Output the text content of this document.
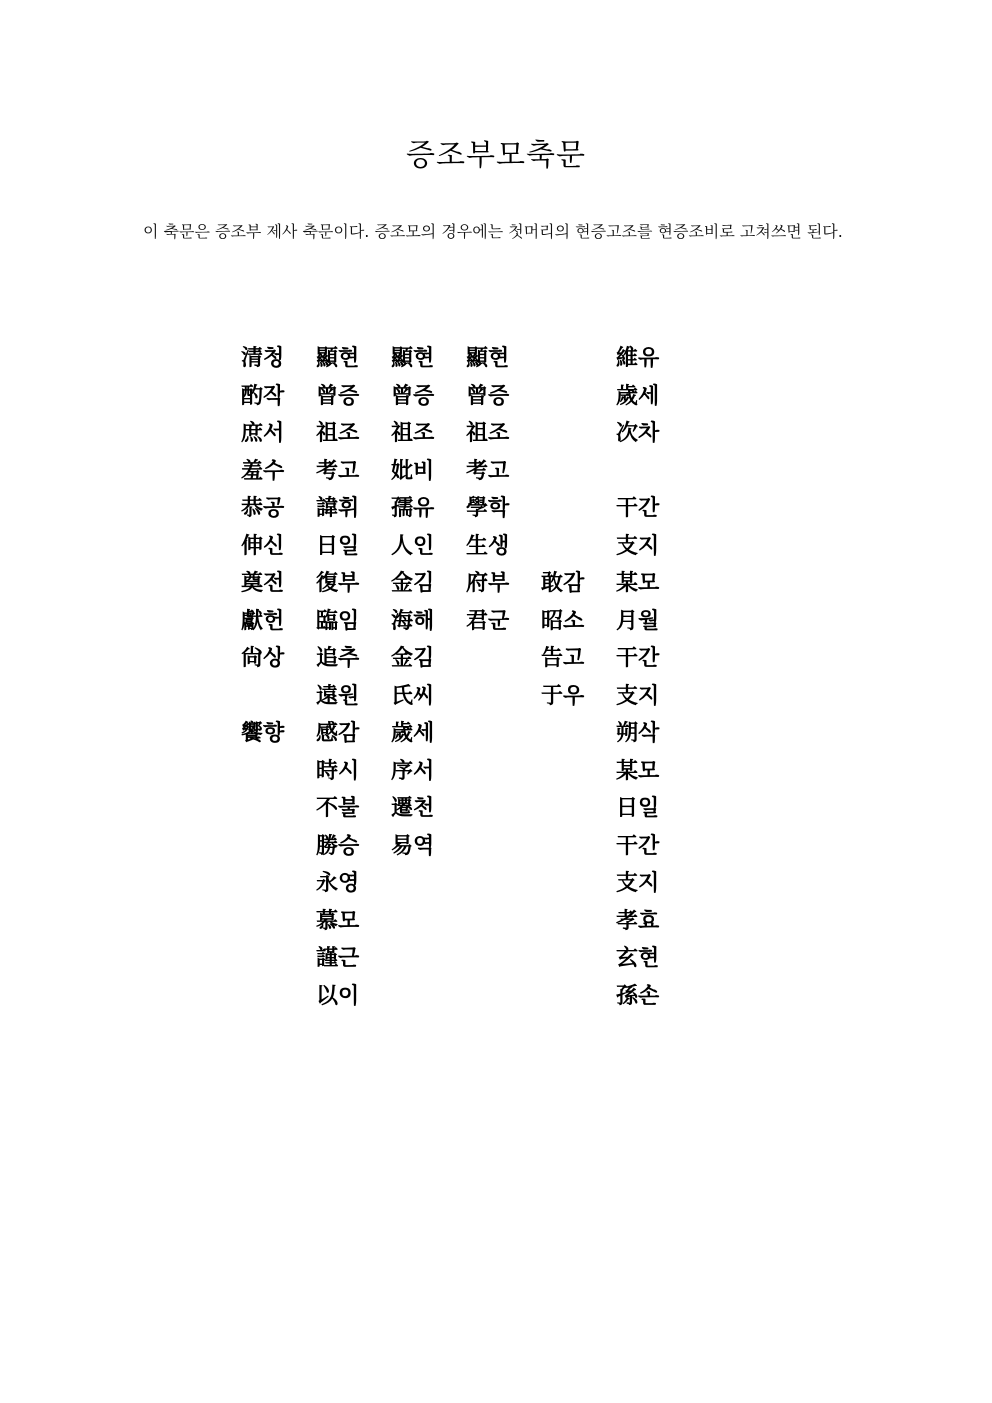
증조부모축문
이 축문은 증조부 제사 축문이다. 증조모의 경우에는 첫머리의 현증고조를 현증조비로 고쳐쓰면 된다.
清청
酌작
庶서
羞수
恭공
伸신
奠전
獻헌
尙상
饗향
顯현
曾증
祖조
考고
諱휘
日일
復부
臨임
追추
遠원
感감
時시
不불
勝승
永영
慕모
謹근
以이
顯현
曾증
祖조
妣비
孺유
人인
金김
海해
金김
氏씨
歲세
序서
遷천
易역
顯현
曾증
祖조
考고
學학
生생
府부
君군
敢감
昭소
告고
于우
維유
歲세
次차
干간
支지
某모
月월
干간
支지
朔삭
某모
日일
干간
支지
孝효
玄현
孫손
